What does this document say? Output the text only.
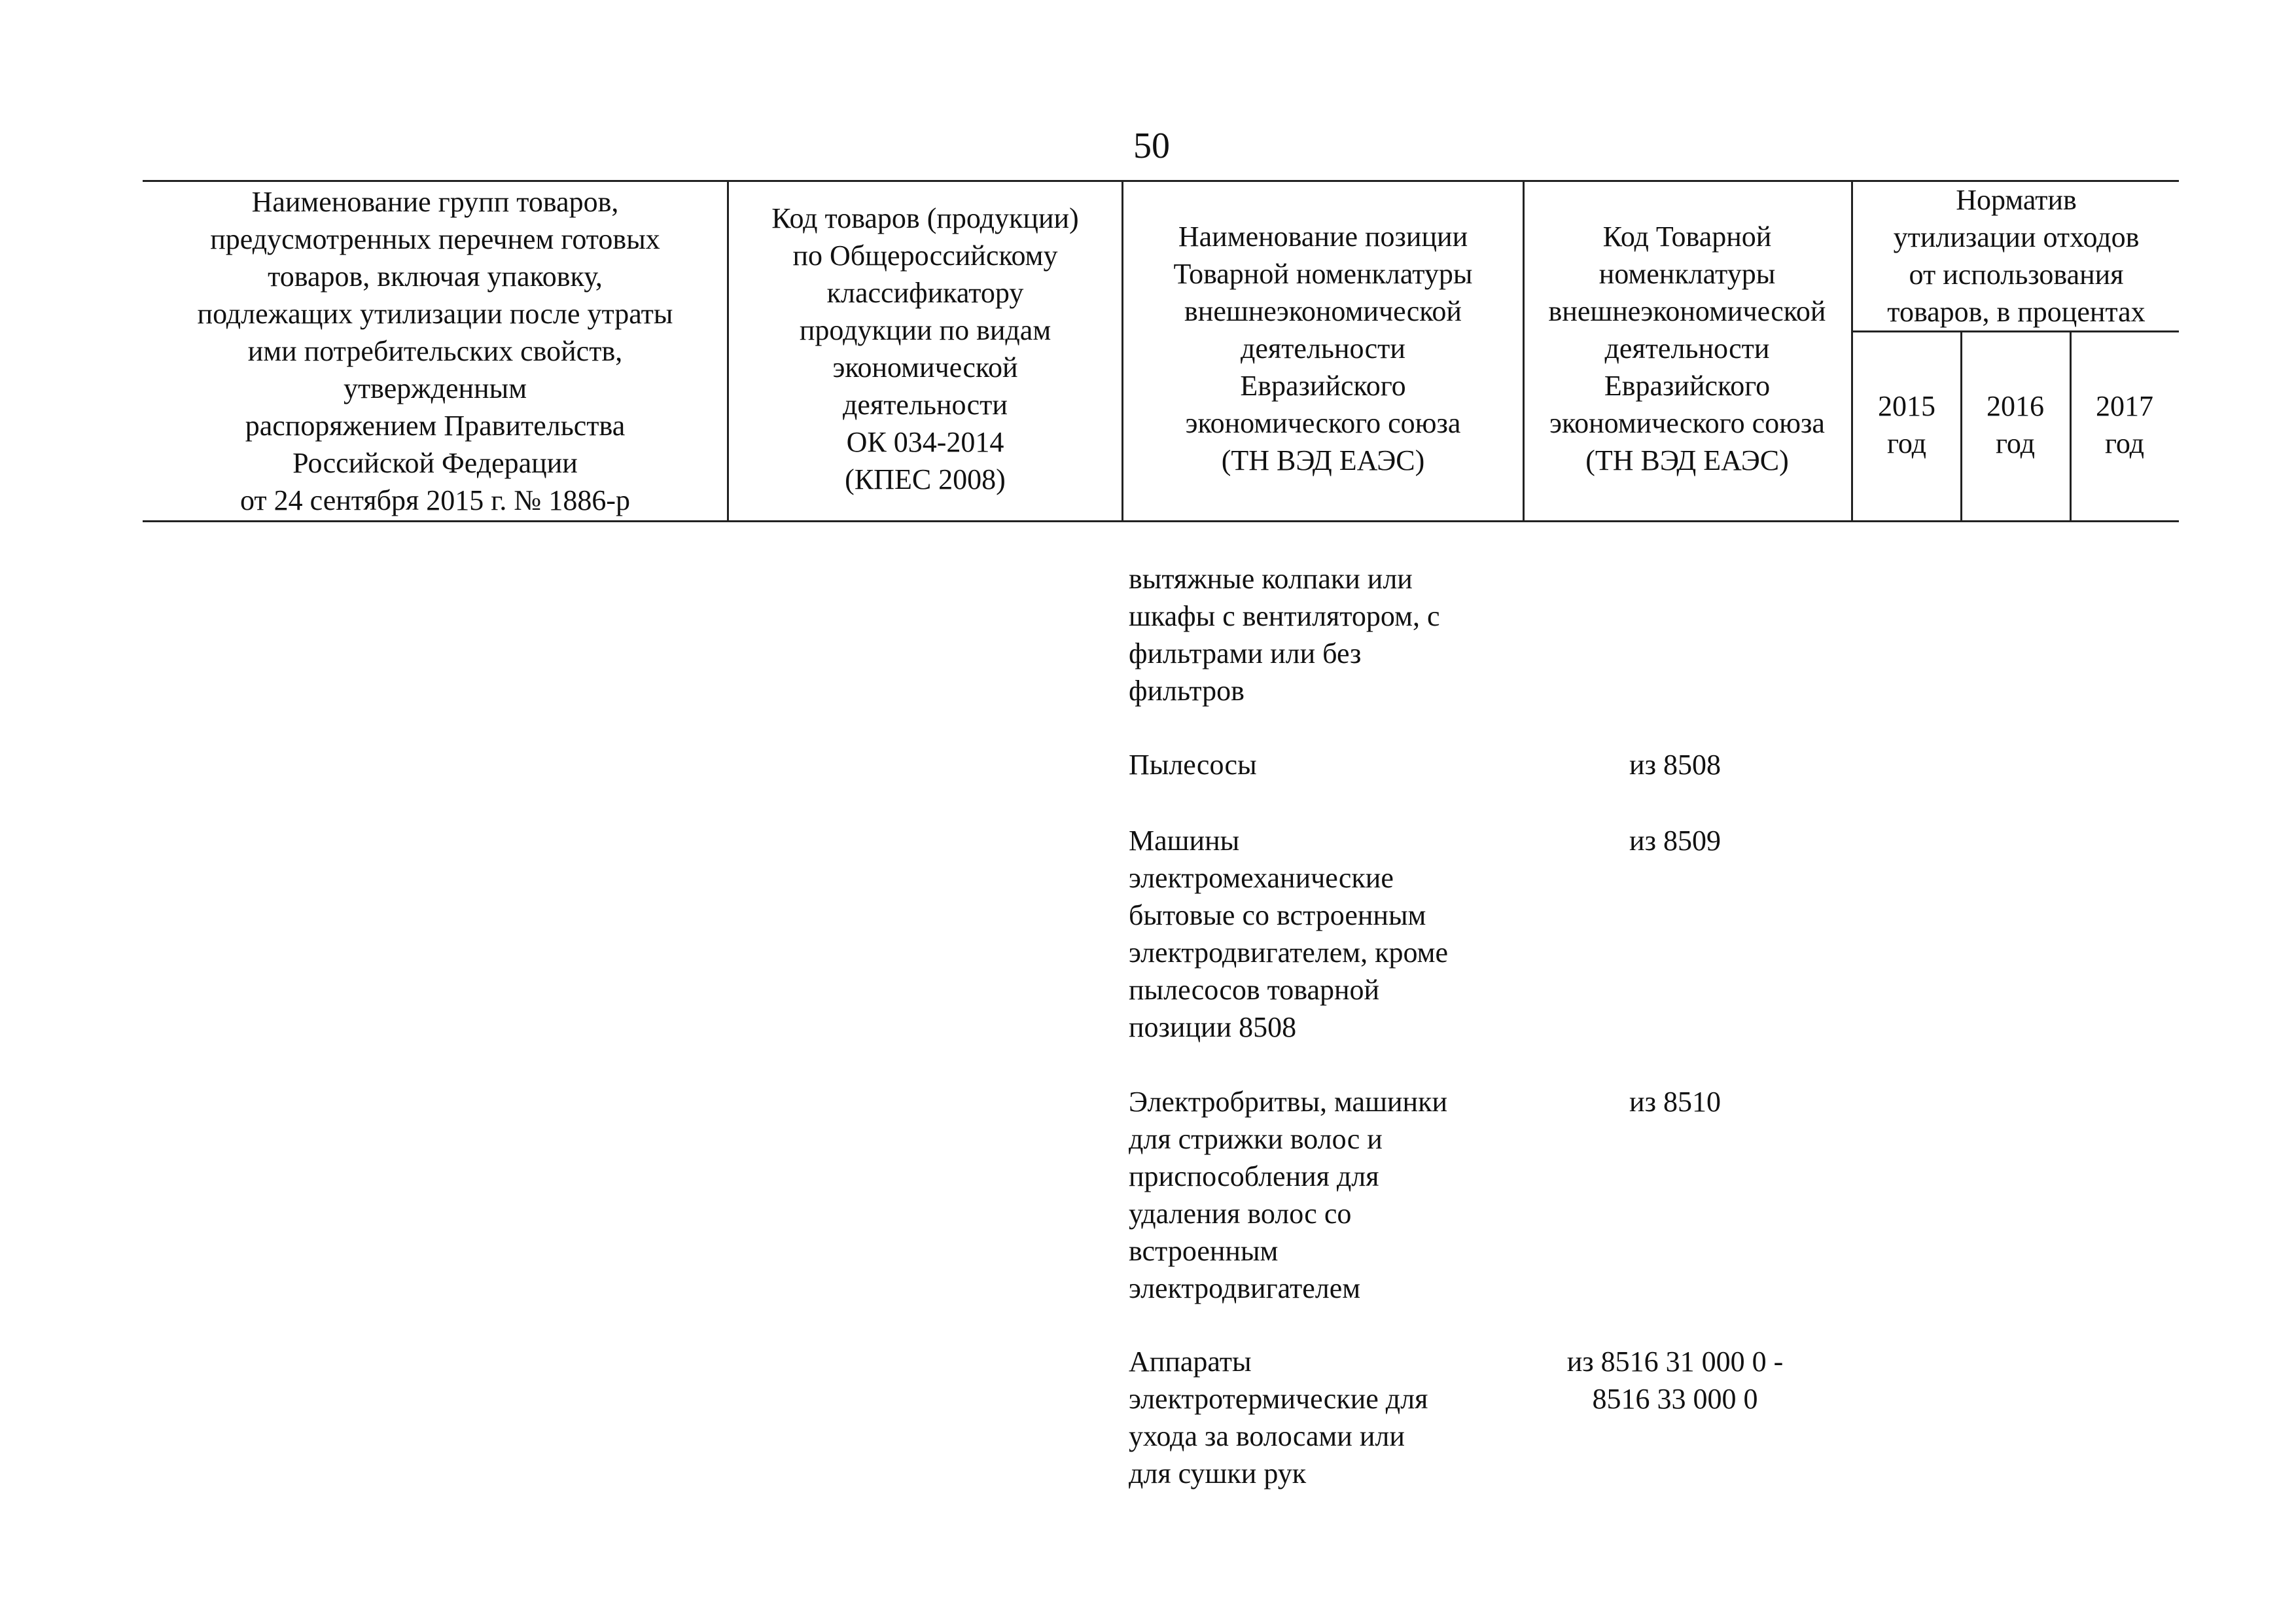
50
Наименование групп товаров,
предусмотренных перечнем готовых
товаров, включая упаковку,
подлежащих утилизации после утраты
ими потребительских свойств,
утвержденным
распоряжением Правительства
Российской Федерации
от 24 сентября 2015 г. № 1886-р
Код товаров (продукции)
по Общероссийскому
классификатору
продукции по видам
экономической
деятельности
ОК 034-2014
(КПЕС 2008)
Наименование позиции
Товарной номенклатуры
внешнеэкономической
деятельности
Евразийского
экономического союза
(ТН ВЭД ЕАЭС)
Код Товарной
номенклатуры
внешнеэкономической
деятельности
Евразийского
экономического союза
(ТН ВЭД ЕАЭС)
Норматив
утилизации отходов
от использования
товаров, в процентах
2015
год
2016
год
2017
год
вытяжные колпаки или
шкафы с вентилятором, с
фильтрами или без
фильтров
Пылесосы	из 8508
Машины
электромеханические
бытовые со встроенным
электродвигателем, кроме
пылесосов товарной
позиции 8508
из 8509
Электробритвы, машинки
для стрижки волос и
приспособления для
удаления волос со
встроенным
электродвигателем
из 8510
Аппараты
электротермические для
ухода за волосами или
для сушки рук
из 8516 31 000 0 -
8516 33 000 0
